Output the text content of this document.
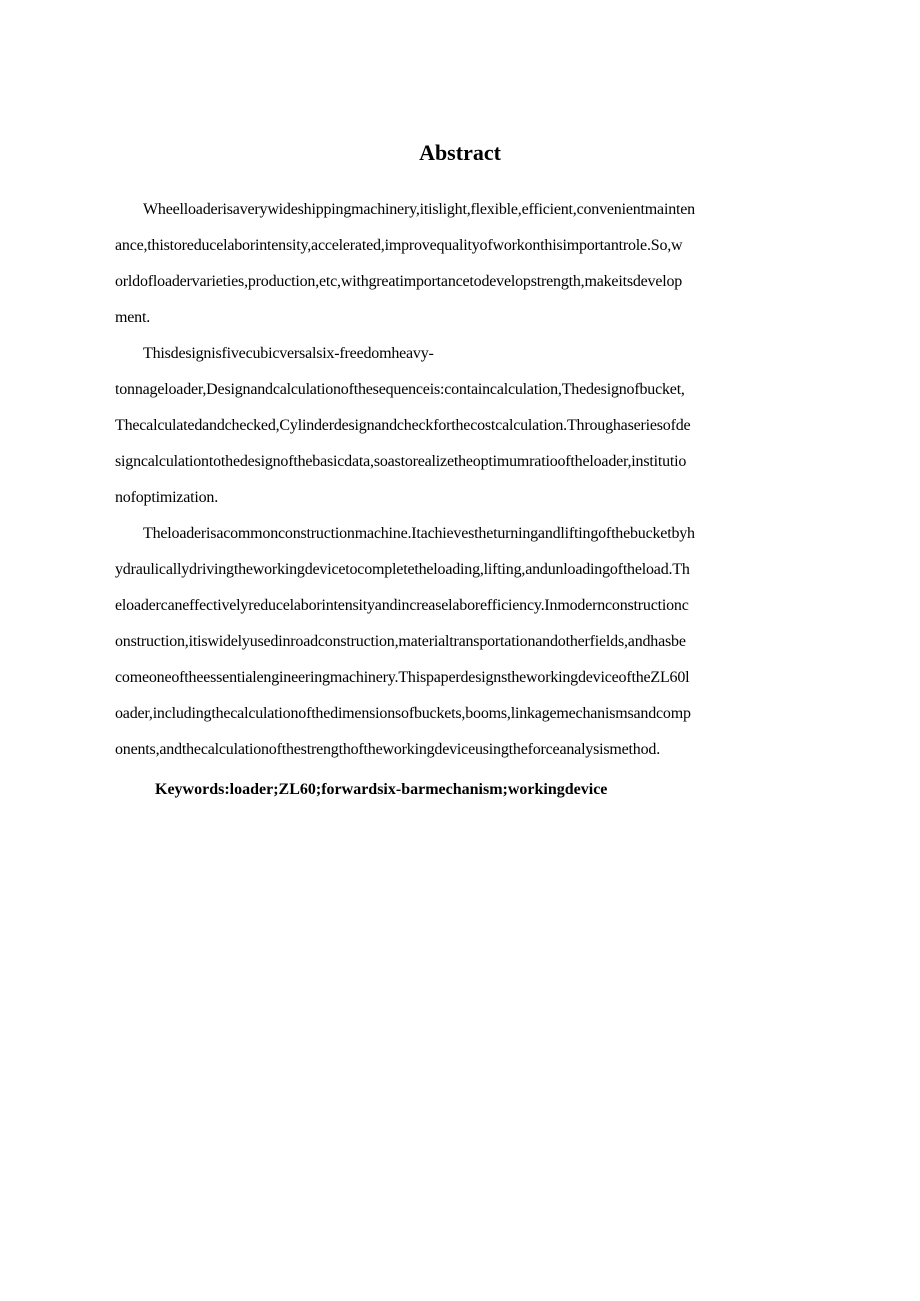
Abstract
Wheelloaderisaverywideshippingmachinery,itislight,flexible,efficient,convenientmainten
ance,thistoreducelaborintensity,accelerated,improvequalityofworkonthisimportantrole.So,w
orldofloadervarieties,production,etc,withgreatimportancetodevelopstrength,makeitsdevelop
ment.
Thisdesignisfivecubicversalsix-freedomheavy-
tonnageloader,Designandcalculationofthesequenceis:containcalculation,Thedesignofbucket,
Thecalculatedandchecked,Cylinderdesignandcheckforthecostcalculation.Throughaseriesofde
signcalculationtothedesignofthebasicdata,soastorealizetheoptimumratiooftheloader,institutio
nofoptimization.
Theloaderisacommonconstructionmachine.Itachievestheturningandliftingofthebucketbyh
ydraulicallydrivingtheworkingdevicetocompletetheloading,lifting,andunloadingoftheload.Th
eloadercaneffectivelyreducelaborintensityandincreaselaborefficiency.Inmodernconstructionc
onstruction,itiswidelyusedinroadconstruction,materialtransportationandotherfields,andhasbe
comeoneoftheessentialengineeringmachinery.ThispaperdesignstheworkingdeviceoftheZL60l
oader,includingthecalculationofthedimensionsofbuckets,booms,linkagemechanismsandcomp
onents,andthecalculationofthestrengthoftheworkingdeviceusingtheforceanalysismethod.
Keywords:loader;ZL60;forwardsix-barmechanism;workingdevice
